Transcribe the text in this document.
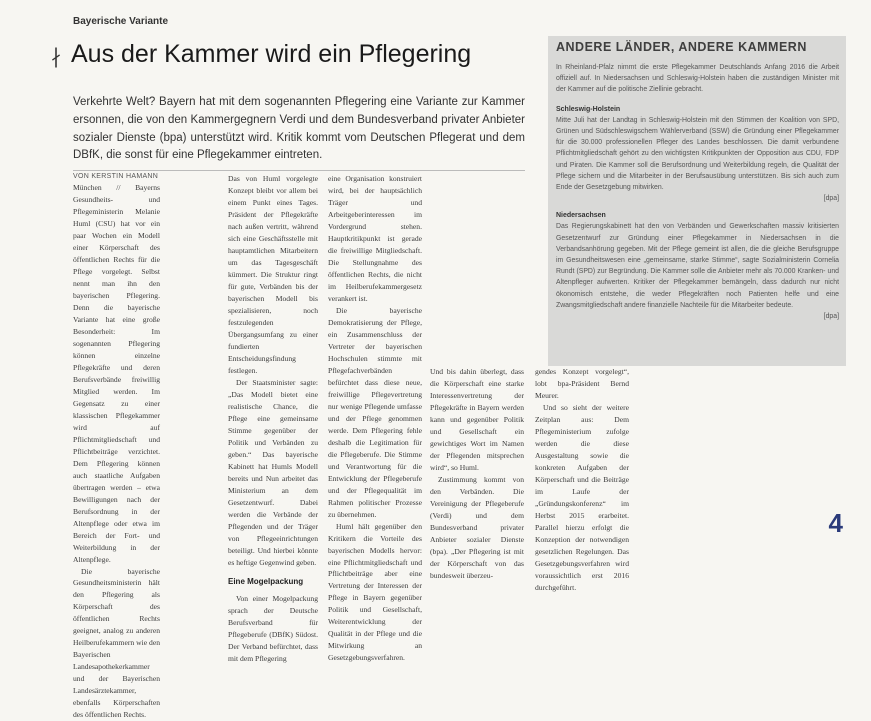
Bayerische Variante
∤ Aus der Kammer wird ein Pflegering
Verkehrte Welt? Bayern hat mit dem sogenannten Pflegering eine Variante zur Kammer ersonnen, die von den Kammergegnern Verdi und dem Bundesverband privater Anbieter sozialer Dienste (bpa) unterstützt wird. Kritik kommt vom Deutschen Pflegerat und dem DBfK, die sonst für eine Pflegekammer eintreten.
VON KERSTIN HAMANN

München // Bayerns Gesundheits- und Pflegeministerin Melanie Huml (CSU) hat vor ein paar Wochen ein Modell einer Körperschaft des öffentlichen Rechts für die Pflege vorgelegt. Selbst nennt man ihn den bayerischen Pflegering. Denn die bayerische Variante hat eine große Besonderheit: Im sogenannten Pflegering können einzelne Pflegekräfte und deren Berufsverbände freiwillig Mitglied werden. Im Gegensatz zu einer klassischen Pflegekammer wird auf Pflichtmitgliedschaft und Pflichtbeiträge verzichtet. Dem Pflegering können auch staatliche Aufgaben übertragen werden – etwa Bewilligungen nach der Berufsordnung in der Altenpflege oder etwa im Bereich der Fort- und Weiterbildung in der Altenpflege.

Die bayerische Gesundheitsministerin hält den Pflegering als Körperschaft des öffentlichen Rechts geeignet, analog zu anderen Heilberufekammern wie den Bayerischen Landesapothekerkammer und der Bayerischen Landesärztekammer, ebenfalls Körperschaften des öffentlichen Rechts.

Das von Huml vorgelegte Konzept bleibt vor allem bei einem Punkt eines Tages. Präsident der Pflegekräfte nach außen vertritt, während sich eine Geschäftsstelle mit hauptamtlichen Mitarbeitern um das Tagesgeschäft kümmert. Die Struktur ringt für gute, Verbänden bis der bayerischen Modell bis spezialisieren, noch festzulegenden Übergangsumfang zu einer fundierten Entscheidungsfindung festlegen.

Der Staatsminister sagte: „Das Modell bietet eine realistische Chance, die Pflege eine gemeinsame Stimme gegenüber der Politik und Verbänden zu geben.“ Das bayerische Kabinett hat Humls Modell bereits und Nun arbeitet das Ministerium an dem Gesetzentwurf. Dabei werden die Verbände der Pflegenden und der Träger von Pflegeeinrichtungen beteiligt. Und hierbei könnte es heftige Gegenwind geben.

Eine Mogelpackung

Von einer Mogelpackung sprach der Deutsche Berufsverband für Pflegeberufe (DBfK) Südost. Der Verband befürchtet, dass mit dem Pflegering

eine Organisation konstruiert wird, bei der hauptsächlich Träger und Arbeitgeberinteressen im Vordergrund stehen. Hauptkritikpunkt ist gerade die freiwillige Mitgliedschaft. Die Stellungnahme des öffentlichen Rechts, die nicht im Heilberufekammergesetz verankert ist.

Die bayerische Demokratisierung der Pflege, ein Zusammenschluss der Vertreter der bayerischen Hochschulen stimmte mit Pflegefachverbänden befürchtet dass diese neue, freiwillige Pflegevertretung nur wenige Pflegende umfasse und der Pflege genommen werde. Dem Pflegering fehle deshalb die Legitimation für die Pflegeberufe. Die Stimme und Verantwortung für die Entwicklung der Pflegeberufe und der Pflegequalität im Rahmen politischer Prozesse zu übernehmen.

Huml hält gegenüber den Kritikern die Vorteile des bayerischen Modells hervor: eine Pflichtmitgliedschaft und Pflichtbeiträge aber eine Vertretung der Interessen der Pflege in Bayern gegenüber Politik und Gesellschaft, Weiterentwicklung der Qualität in der Pflege und die Mitwirkung an Gesetzgebungsverfahren.

Und bis dahin überlegt, dass die Körperschaft eine starke Interessenvertretung der Pflegekräfte in Bayern werden kann und gegenüber Politik und Gesellschaft ein gewichtiges Wort im Namen der Pflegenden mitsprechen wird“, so Huml.

Zustimmung kommt von den Verbänden. Die Vereinigung der Pflegeberufe (Verdi) und dem Bundesverband privater Anbieter sozialer Dienste (bpa). „Der Pflegering ist mit der Körperschaft von das bundesweit überzeu-

gendes Konzept vorgelegt“, lobt bpa-Präsident Bernd Meurer.

Und so sieht der weitere Zeitplan aus: Dem Pflegeministerium zufolge werden die diese Ausgestaltung sowie die konkreten Aufgaben der Körperschaft und die Beiträge im Laufe der „Gründungskonferenz“ im Herbst 2015 erarbeitet. Parallel hierzu erfolgt die Konzeption der notwendigen gesetzlichen Regelungen. Das Gesetzgebungsverfahren wird voraussichtlich erst 2016 durchgeführt.

ANDERE LÄNDER, ANDERE KAMMERN

In Rheinland-Pfalz nimmt die erste Pflegekammer Deutschlands Anfang 2016 die Arbeit offiziell auf. In Niedersachsen und Schleswig-Holstein haben die zuständigen Minister mit der Kammer auf die politische Ziellinie gebracht.

Schleswig-Holstein

Mitte Juli hat der Landtag in Schleswig-Holstein mit den Stimmen der Koalition von SPD, Grünen und Südschleswigschem Wählerverband (SSW) die Gründung einer Pflegekammer für die 30.000 professionellen Pfleger des Landes beschlossen. Die damit verbundene Pflichtmitgliedschaft gehört zu den wichtigsten Kritikpunkten der Opposition aus CDU, FDP und Piraten. Die Kammer soll die Berufsordnung und Weiterbildung regeln, die Qualität der Pflege sichern und die Mitarbeiter in der Berufsausübung unterstützen. Bis sich auch zum Ende der Gesetzgebung mitwirken.

[dpa]

Niedersachsen

Das Regierungskabinett hat den von Verbänden und Gewerkschaften massiv kritisierten Gesetzentwurf zur Gründung einer Pflegekammer in Niedersachsen in die Verbandsanhörung gegeben. Mit der Pflege gemeint ist allen, die die gleiche Berufsgruppe im Gesundheitswesen eine „gemeinsame, starke Stimme“, sagte Sozialministerin Cornelia Rundt (SPD) zur Begründung. Die Kammer solle die Anbieter mehr als 70.000 Kranken- und Altenpfleger aufwerten. Kritiker der Pflegekammer bemängeln, dass dadurch nur nicht ökonomisch entstehe, die weder Pflegekräften noch Patienten helfe und eine Zwangsmitgliedschaft andere finanzielle Nachteile für die Mitarbeiter bedeute.

[dpa]

4
